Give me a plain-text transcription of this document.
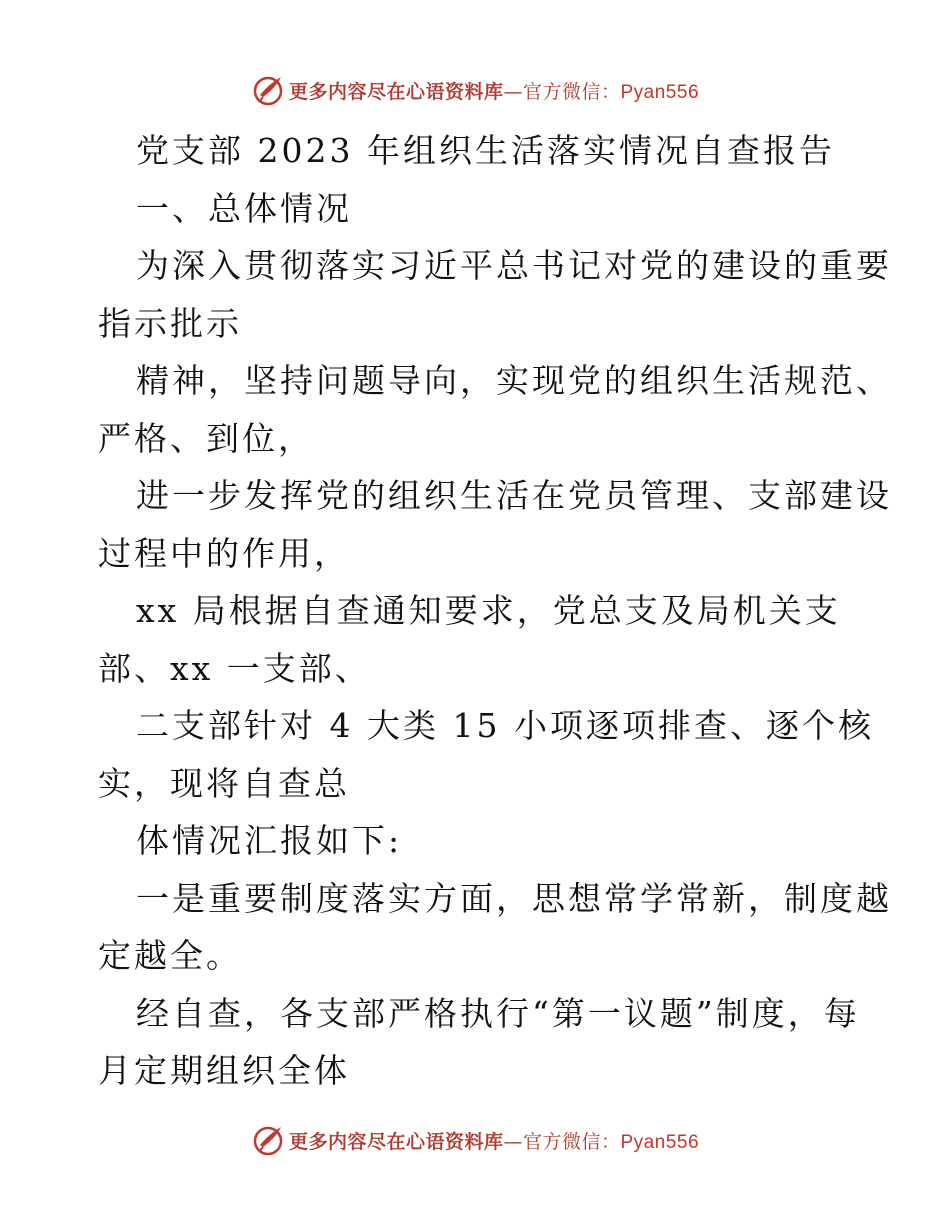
更多内容尽在心语资料库—官方微信：Pyan556
党支部 2023 年组织生活落实情况自查报告
一、总体情况
为深入贯彻落实习近平总书记对党的建设的重要
指示批示
精神，坚持问题导向，实现党的组织生活规范、
严格、到位，
进一步发挥党的组织生活在党员管理、支部建设
过程中的作用，
xx 局根据自查通知要求，党总支及局机关支
部、xx 一支部、
二支部针对 4 大类 15 小项逐项排查、逐个核
实，现将自查总
体情况汇报如下:
一是重要制度落实方面，思想常学常新，制度越
定越全。
经自查，各支部严格执行“第一议题”制度，每
月定期组织全体
更多内容尽在心语资料库—官方微信：Pyan556
